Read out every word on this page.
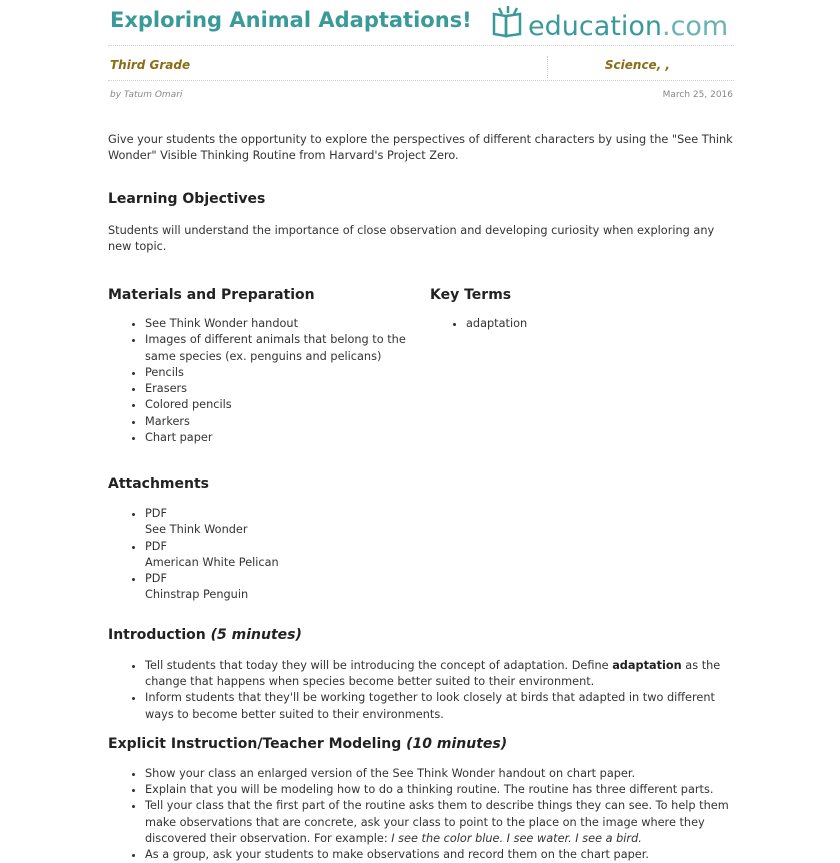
Exploring Animal Adaptations!	education.com
Third Grade	Science, ,
by Tatum Omari	March 25, 2016

Give your students the opportunity to explore the perspectives of different characters by using the "See Think Wonder" Visible Thinking Routine from Harvard's Project Zero.

Learning Objectives

Students will understand the importance of close observation and developing curiosity when exploring any new topic.

Materials and Preparation
• See Think Wonder handout
• Images of different animals that belong to the same species (ex. penguins and pelicans)
• Pencils
• Erasers
• Colored pencils
• Markers
• Chart paper
Key Terms
• adaptation
Attachments
• PDF
See Think Wonder
• PDF
American White Pelican
• PDF
Chinstrap Penguin
Introduction (5 minutes)
• Tell students that today they will be introducing the concept of adaptation. Define adaptation as the change that happens when species become better suited to their environment.
• Inform students that they'll be working together to look closely at birds that adapted in two different ways to become better suited to their environments.
Explicit Instruction/Teacher Modeling (10 minutes)
• Show your class an enlarged version of the See Think Wonder handout on chart paper.
• Explain that you will be modeling how to do a thinking routine. The routine has three different parts.
• Tell your class that the first part of the routine asks them to describe things they can see. To help them make observations that are concrete, ask your class to point to the place on the image where they discovered their observation. For example: I see the color blue. I see water. I see a bird.
• As a group, ask your students to make observations and record them on the chart paper.
